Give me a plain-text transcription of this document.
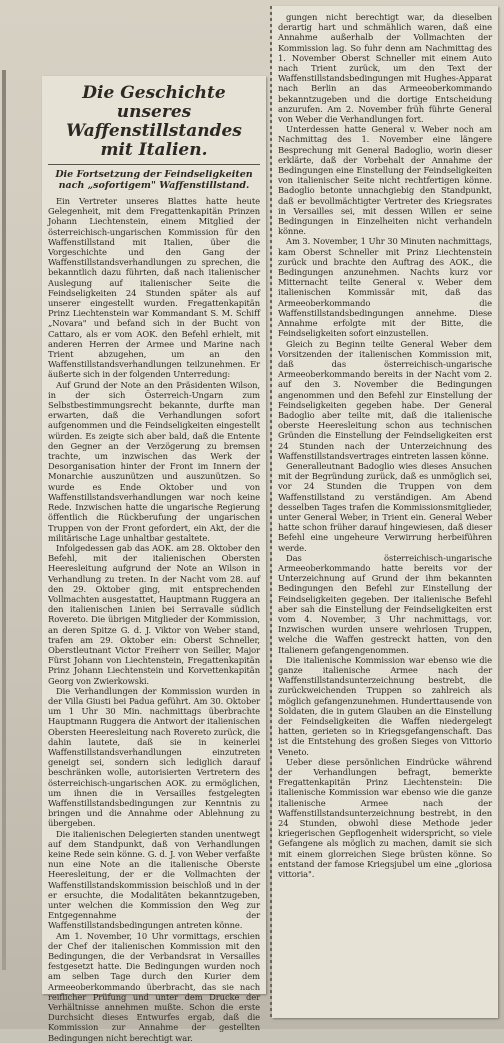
Die Geschichte unseres Waffenstillstandes mit Italien.
Die Fortsetzung der Feindseligkeiten nach „sofortigem" Waffenstillstand.

Ein Vertreter unseres Blattes hatte heute Gelegenheit, mit dem Fregattenkapitän Prinzen Johann Liechtenstein, einem Mitglied der österreichisch-ungarischen Kommission für den Waffenstillstand mit Italien, über die Vorgeschichte und den Gang der Waffenstillstandsverhandlungen zu sprechen, die bekanntlich dazu führten, daß nach italienischer Auslegung auf italienischer Seite die Feindseligkeiten 24 Stunden später als auf unserer eingestellt wurden. Fregattenkapitän Prinz Liechtenstein war Kommandant S. M. Schiff „Novara" und befand sich in der Bucht von Cattaro, als er vom AOK. den Befehl erhielt, mit anderen Herren der Armee und Marine nach Trient abzugehen, um an den Waffenstillstandsverhandlungen teilzunehmen. Er äußerte sich in der folgenden Unterredung:

Auf Grund der Note an den Präsidenten Wilson, in der sich Österreich-Ungarn zum Selbstbestimmungsrecht bekannte, durfte man erwarten, daß die Verhandlungen sofort aufgenommen und die Feindseligkeiten eingestellt würden. Es zeigte sich aber bald, daß die Entente den Gegner an der Verzögerung zu bremsen trachte, um inzwischen das Werk der Desorganisation hinter der Front im Innern der Monarchie auszunützen und auszunützen. So wurde es Ende Oktober und von Waffenstillstandsverhandlungen war noch keine Rede. Inzwischen hatte die ungarische Regierung öffentlich die Rückberufung der ungarischen Truppen von der Front gefordert, ein Akt, der die militärische Lage unhaltbar gestaltete.

Infolgedessen gab das AOK. am 28. Oktober den Befehl, mit der italienischen Obersten Heeresleitung aufgrund der Note an Wilson in Verhandlung zu treten. In der Nacht vom 28. auf den 29. Oktober ging, mit entsprechenden Vollmachten ausgestattet, Hauptmann Ruggera an den italienischen Linien bei Serravalle südlich Rovereto. Die übrigen Mitglieder der Kommission, an deren Spitze G. d. J. Viktor von Weber stand, trafen am 29. Oktober ein: Oberst Schneller, Oberstleutnant Victor Freiherr von Seiller, Major Fürst Johann von Liechtenstein, Fregattenkapitän Prinz Johann Liechtenstein und Korvettenkapitän Georg von Zwierkowski.

Die Verhandlungen der Kommission wurden in der Villa Giusti bei Padua geführt. Am 30. Oktober um 1 Uhr 30 Min. nachmittags überbrachte Hauptmann Ruggera die Antwort der italienischen Obersten Heeresleitung nach Rovereto zurück, die dahin lautete, daß sie in keinerlei Waffenstillstandsverhandlungen einzutreten geneigt sei, sondern sich lediglich darauf beschränken wolle, autorisierten Vertretern des österreichisch-ungarischen AOK. zu ermöglichen, um ihnen die in Versailles festgelegten Waffenstillstandsbedingungen zur Kenntnis zu bringen und die Annahme oder Ablehnung zu übergeben.

Die italienischen Delegierten standen unentwegt auf dem Standpunkt, daß von Verhandlungen keine Rede sein könne. G. d. J. von Weber verfaßte nun eine Note an die italienische Oberste Heeresleitung, der er die Vollmachten der Waffenstillstandskommission beischloß und in der er ersuchte, die Modalitäten bekanntzugeben, unter welchen die Kommission den Weg zur Entgegennahme der Waffenstillstandsbedingungen antreten könne.

Am 1. November, 10 Uhr vormittags, erschien der Chef der italienischen Kommission mit den Bedingungen, die der Verbandsrat in Versailles festgesetzt hatte. Die Bedingungen wurden noch am selben Tage durch den Kurier dem Armeeoberkommando überbracht, das sie nach reiflicher Prüfung und unter dem Drucke der Verhältnisse annehmen mußte. Schon die erste Durchsicht dieses Entwurfes ergab, daß die Kommission zur Annahme der gestellten Bedingungen nicht berechtigt war.

gungen nicht berechtigt war, da dieselben derartig hart und schmählich waren, daß eine Annahme außerhalb der Vollmachten der Kommission lag. So fuhr denn am Nachmittag des 1. November Oberst Schneller mit einem Auto nach Trient zurück, um den Text der Waffenstillstandsbedingungen mit Hughes-Apparat nach Berlin an das Armeeoberkommando bekanntzugeben und die dortige Entscheidung anzurufen. Am 2. November früh führte General von Weber die Verhandlungen fort.

Unterdessen hatte General v. Weber noch am Nachmittag des 1. November eine längere Besprechung mit General Badoglio, worin dieser erklärte, daß der Vorbehalt der Annahme der Bedingungen eine Einstellung der Feindseligkeiten von italienischer Seite nicht rechtfertigen könne. Badoglio betonte unnachgiebig den Standpunkt, daß er bevollmächtigter Vertreter des Kriegsrates in Versailles sei, mit dessen Willen er seine Bedingungen in Einzelheiten nicht verhandeln könne.

Am 3. November, 1 Uhr 30 Minuten nachmittags, kam Oberst Schneller mit Prinz Liechtenstein zurück und brachte den Auftrag des AOK., die Bedingungen anzunehmen. Nachts kurz vor Mitternacht teilte General v. Weber dem italienischen Kommissär mit, daß das Armeeoberkommando die Waffenstillstandsbedingungen annehme. Diese Annahme erfolgte mit der Bitte, die Feindseligkeiten sofort einzustellen.

Gleich zu Beginn teilte General Weber dem Vorsitzenden der italienischen Kommission mit, daß das österreichisch-ungarische Armeeoberkommando bereits in der Nacht vom 2. auf den 3. November die Bedingungen angenommen und den Befehl zur Einstellung der Feindseligkeiten gegeben habe. Der General Badoglio aber teilte mit, daß die italienische oberste Heeresleitung schon aus technischen Gründen die Einstellung der Feindseligkeiten erst 24 Stunden nach der Unterzeichnung des Waffenstillstandsvertrages eintreten lassen könne.

Generalleutnant Badoglio wies dieses Ansuchen mit der Begründung zurück, daß es unmöglich sei, vor 24 Stunden die Truppen von dem Waffenstillstand zu verständigen. Am Abend desselben Tages trafen die Kommissionsmitglieder, unter General Weber, in Trient ein. General Weber hatte schon früher darauf hingewiesen, daß dieser Befehl eine ungeheure Verwirrung herbeiführen werde.

Das österreichisch-ungarische Armeeoberkommando hatte bereits vor der Unterzeichnung auf Grund der ihm bekannten Bedingungen den Befehl zur Einstellung der Feindseligkeiten gegeben. Der italienische Befehl aber sah die Einstellung der Feindseligkeiten erst vom 4. November, 3 Uhr nachmittags, vor. Inzwischen wurden unsere wehrlosen Truppen, welche die Waffen gestreckt hatten, von den Italienern gefangengenommen.

Die italienische Kommission war ebenso wie die ganze italienische Armee nach der Waffenstillstandsunterzeichnung bestrebt, die zurückweichenden Truppen so zahlreich als möglich gefangenzunehmen. Hunderttausende von Soldaten, die in gutem Glauben an die Einstellung der Feindseligkeiten die Waffen niedergelegt hatten, gerieten so in Kriegsgefangenschaft. Das ist die Entstehung des großen Sieges von Vittorio Veneto.

Ueber diese persönlichen Eindrücke während der Verhandlungen befragt, bemerkte Fregattenkapitän Prinz Liechtenstein: Die italienische Kommission war ebenso wie die ganze italienische Armee nach der Waffenstillstandsunterzeichnung bestrebt, in den 24 Stunden, obwohl diese Methode jeder kriegerischen Gepflogenheit widerspricht, so viele Gefangene als möglich zu machen, damit sie sich mit einem glorreichen Siege brüsten könne. So entstand der famose Kriegsjubel um eine „gloriosa vittoria".
